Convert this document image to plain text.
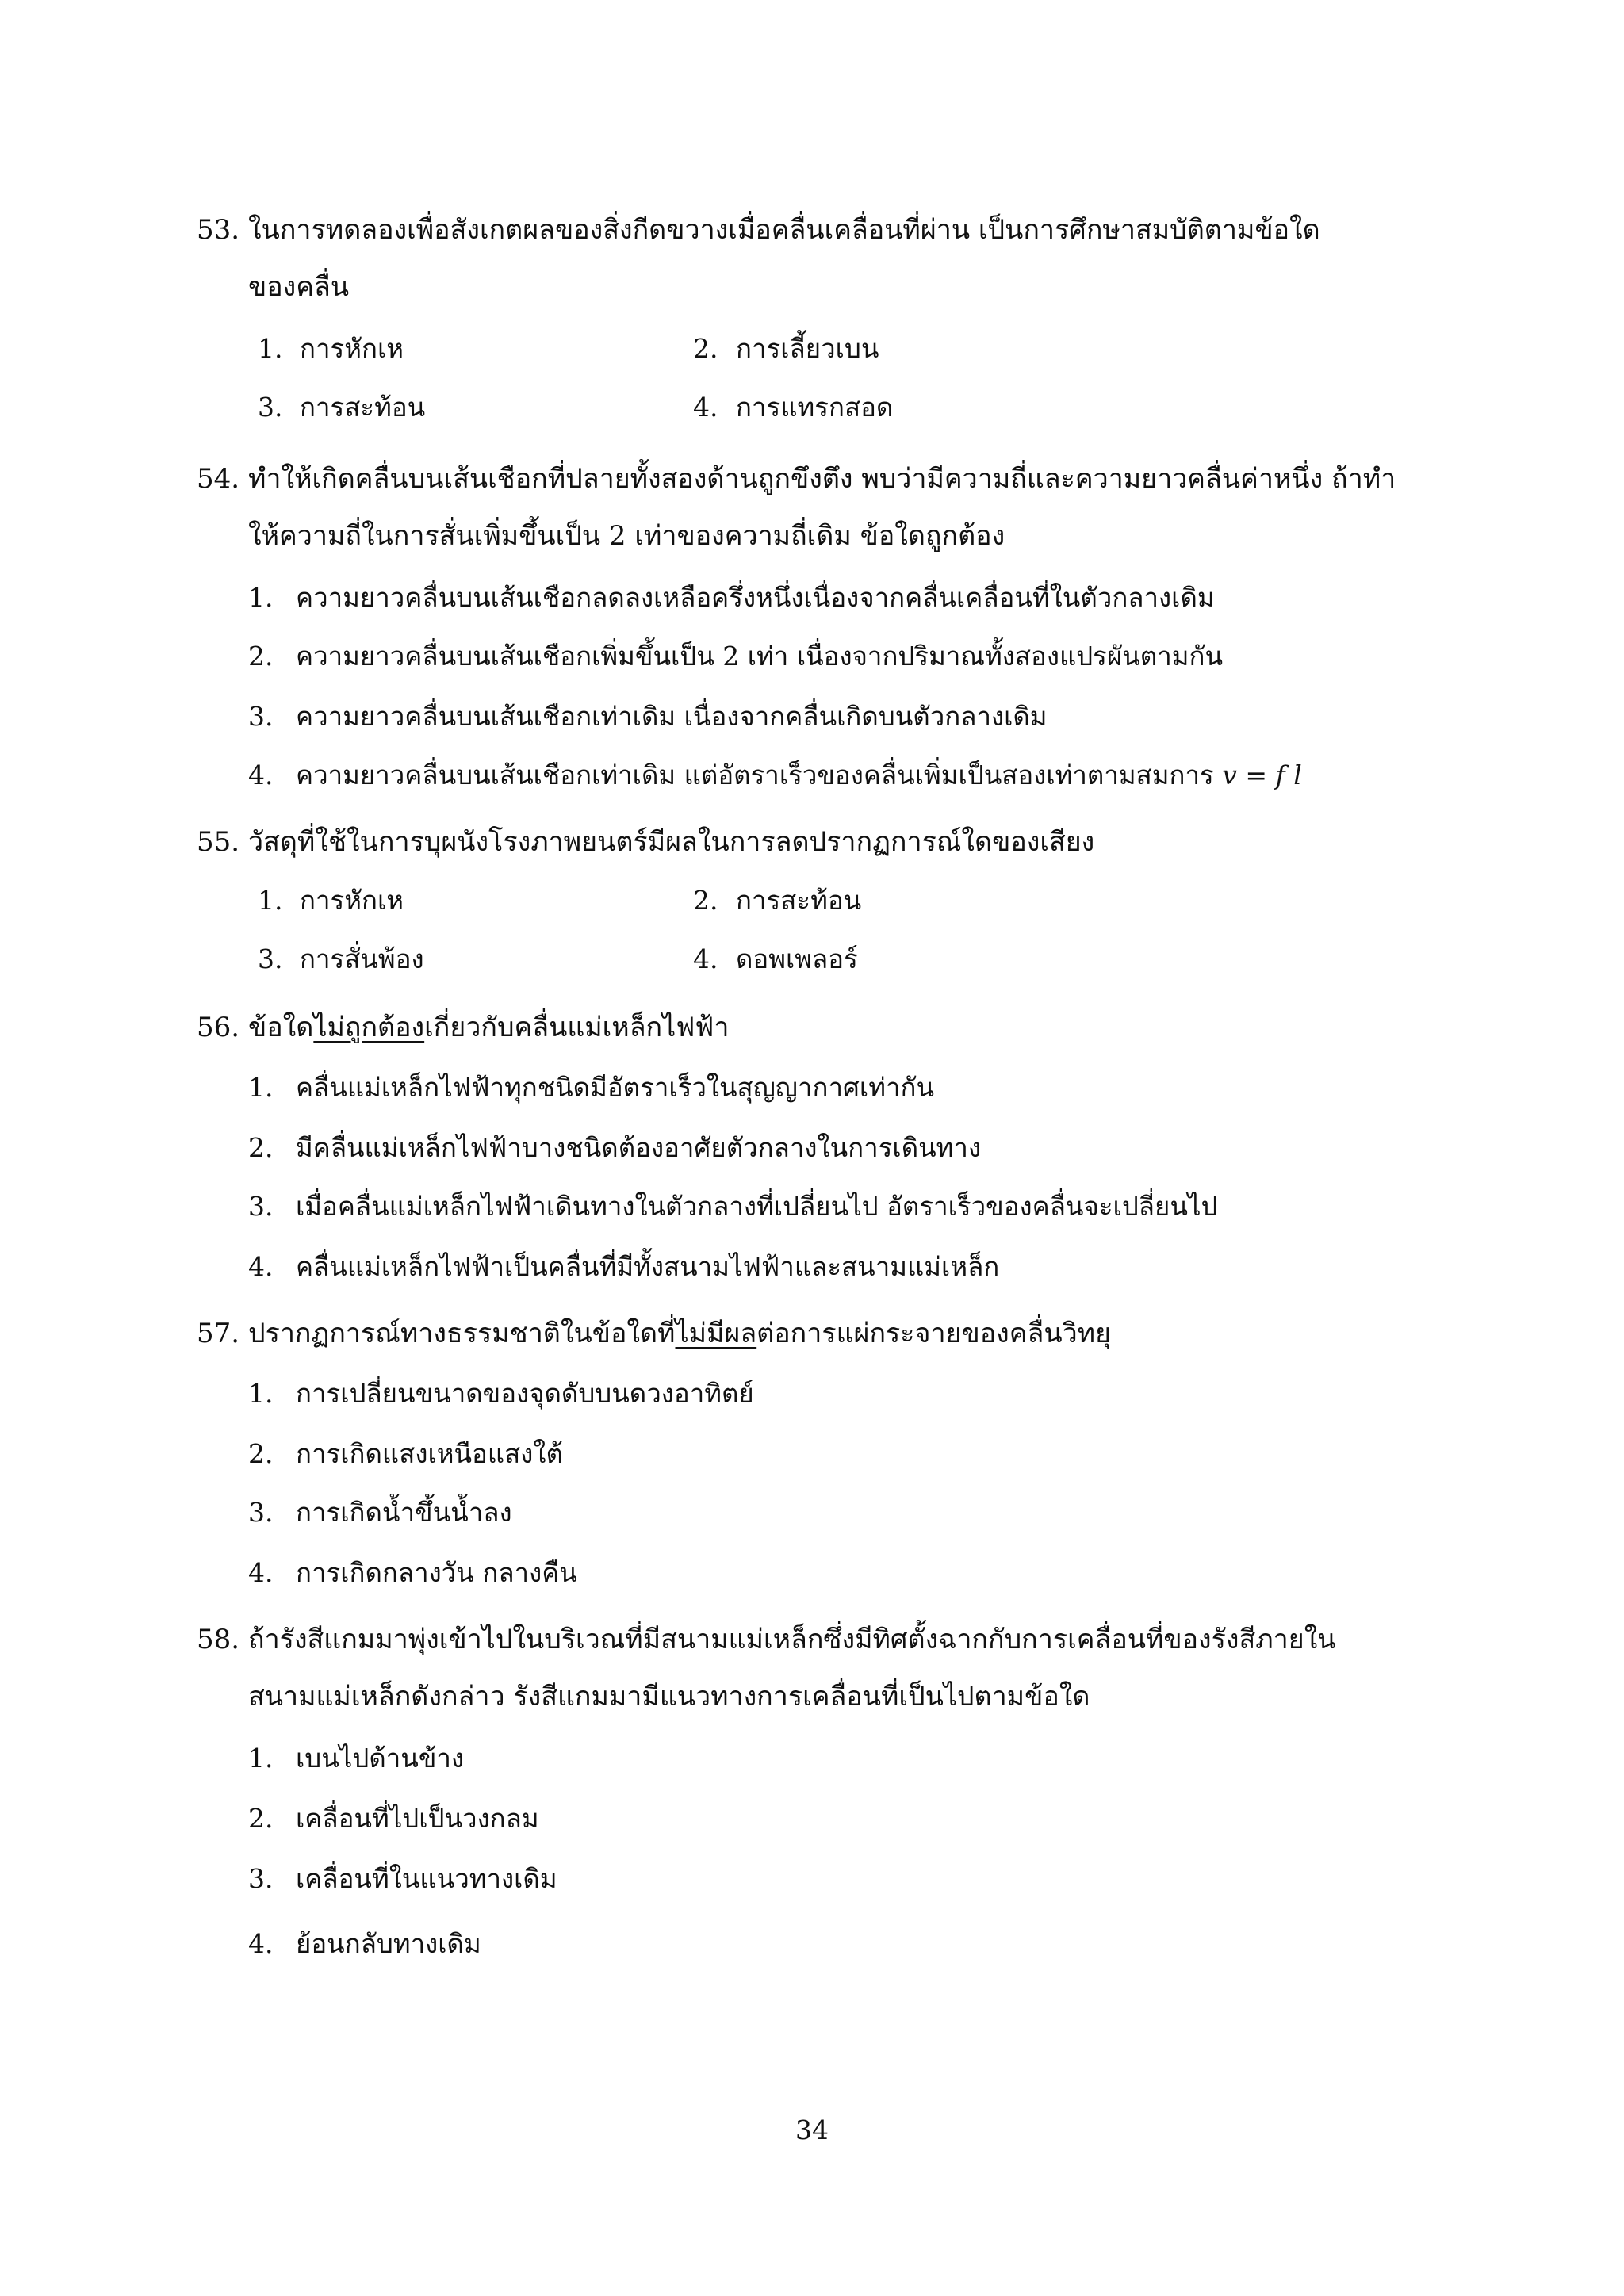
53. ในการทดลองเพื่อสังเกตผลของสิ่งกีดขวางเมื่อคลื่นเคลื่อนที่ผ่าน เป็นการศึกษาสมบัติตามข้อใด
ของคลื่น
1. การหักเห	2. การเลี้ยวเบน
3. การสะท้อน	4. การแทรกสอด
54. ทำให้เกิดคลื่นบนเส้นเชือกที่ปลายทั้งสองด้านถูกขึงตึง พบว่ามีความถี่และความยาวคลื่นค่าหนึ่ง ถ้าทำ
ให้ความถี่ในการสั่นเพิ่มขึ้นเป็น 2 เท่าของความถี่เดิม ข้อใดถูกต้อง
1. ความยาวคลื่นบนเส้นเชือกลดลงเหลือครึ่งหนึ่งเนื่องจากคลื่นเคลื่อนที่ในตัวกลางเดิม
2. ความยาวคลื่นบนเส้นเชือกเพิ่มขึ้นเป็น 2 เท่า เนื่องจากปริมาณทั้งสองแปรผันตามกัน
3. ความยาวคลื่นบนเส้นเชือกเท่าเดิม เนื่องจากคลื่นเกิดบนตัวกลางเดิม
4. ความยาวคลื่นบนเส้นเชือกเท่าเดิม แต่อัตราเร็วของคลื่นเพิ่มเป็นสองเท่าตามสมการ v = f l
55. วัสดุที่ใช้ในการบุผนังโรงภาพยนตร์มีผลในการลดปรากฏการณ์ใดของเสียง
1. การหักเห	2. การสะท้อน
3. การสั่นพ้อง	4. ดอพเพลอร์
56. ข้อใดไม่ถูกต้องเกี่ยวกับคลื่นแม่เหล็กไฟฟ้า
1. คลื่นแม่เหล็กไฟฟ้าทุกชนิดมีอัตราเร็วในสุญญากาศเท่ากัน
2. มีคลื่นแม่เหล็กไฟฟ้าบางชนิดต้องอาศัยตัวกลางในการเดินทาง
3. เมื่อคลื่นแม่เหล็กไฟฟ้าเดินทางในตัวกลางที่เปลี่ยนไป อัตราเร็วของคลื่นจะเปลี่ยนไป
4. คลื่นแม่เหล็กไฟฟ้าเป็นคลื่นที่มีทั้งสนามไฟฟ้าและสนามแม่เหล็ก
57. ปรากฏการณ์ทางธรรมชาติในข้อใดที่ไม่มีผลต่อการแผ่กระจายของคลื่นวิทยุ
1. การเปลี่ยนขนาดของจุดดับบนดวงอาทิตย์
2. การเกิดแสงเหนือแสงใต้
3. การเกิดน้ำขึ้นน้ำลง
4. การเกิดกลางวัน กลางคืน
58. ถ้ารังสีแกมมาพุ่งเข้าไปในบริเวณที่มีสนามแม่เหล็กซึ่งมีทิศตั้งฉากกับการเคลื่อนที่ของรังสีภายใน
สนามแม่เหล็กดังกล่าว รังสีแกมมามีแนวทางการเคลื่อนที่เป็นไปตามข้อใด
1. เบนไปด้านข้าง
2. เคลื่อนที่ไปเป็นวงกลม
3. เคลื่อนที่ในแนวทางเดิม
4. ย้อนกลับทางเดิม
34
